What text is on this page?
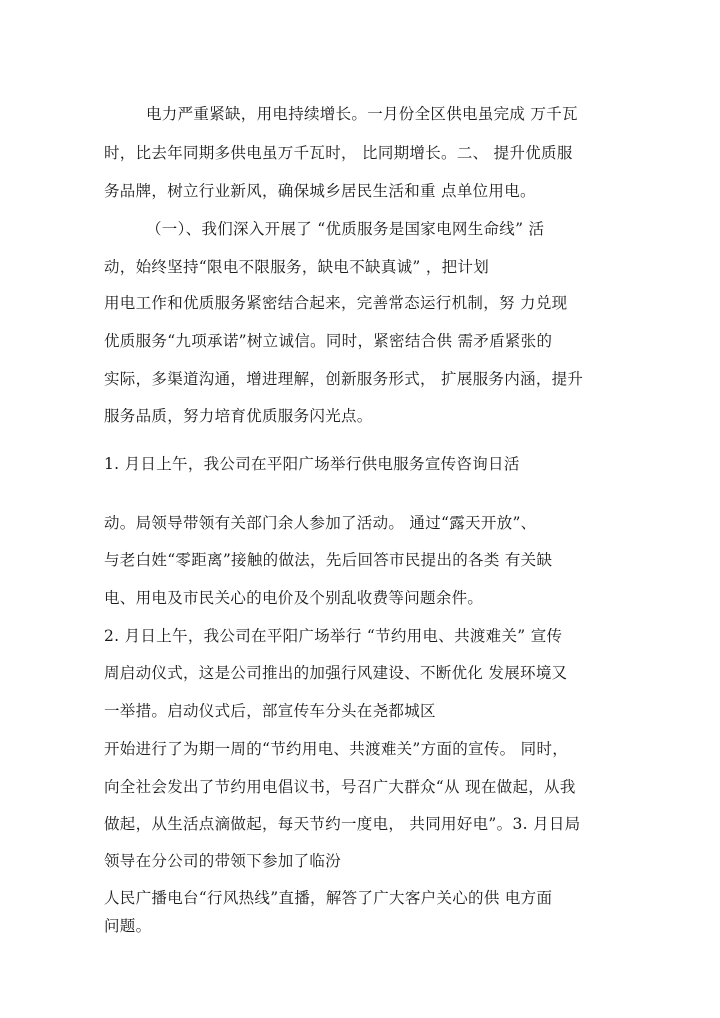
电力严重紧缺，用电持续增长。一月份全区供电虽完成 万千瓦
时，比去年同期多供电虽万千瓦时， 比同期增长。二、 提升优质服
务品牌，树立行业新风，确保城乡居民生活和重 点单位用电。
（一）、我们深入开展了 “优质服务是国家电网生命线” 活
动，始终坚持“限电不限服务，缺电不缺真诚” ，把计划
用电工作和优质服务紧密结合起来，完善常态运行机制，努 力兑现
优质服务“九项承诺”树立诚信。同时，紧密结合供 需矛盾紧张的
实际，多渠道沟通，增进理解，创新服务形式， 扩展服务内涵，提升
服务品质，努力培育优质服务闪光点。
1. 月日上午，我公司在平阳广场举行供电服务宣传咨询日活
动。局领导带领有关部门余人参加了活动。 通过“露天开放”、
与老白姓“零距离”接触的做法，先后回答市民提出的各类 有关缺
电、用电及市民关心的电价及个别乱收费等问题余件。
2. 月日上午，我公司在平阳广场举行 “节约用电、共渡难关” 宣传
周启动仪式，这是公司推出的加强行风建设、不断优化 发展环境又
一举措。启动仪式后，部宣传车分头在尧都城区
开始进行了为期一周的“节约用电、共渡难关”方面的宣传。 同时，
向全社会发出了节约用电倡议书，号召广大群众“从 现在做起，从我
做起，从生活点滴做起，每天节约一度电， 共同用好电”。3. 月日局
领导在分公司的带领下参加了临汾
人民广播电台“行风热线”直播，解答了广大客户关心的供 电方面
问题。
